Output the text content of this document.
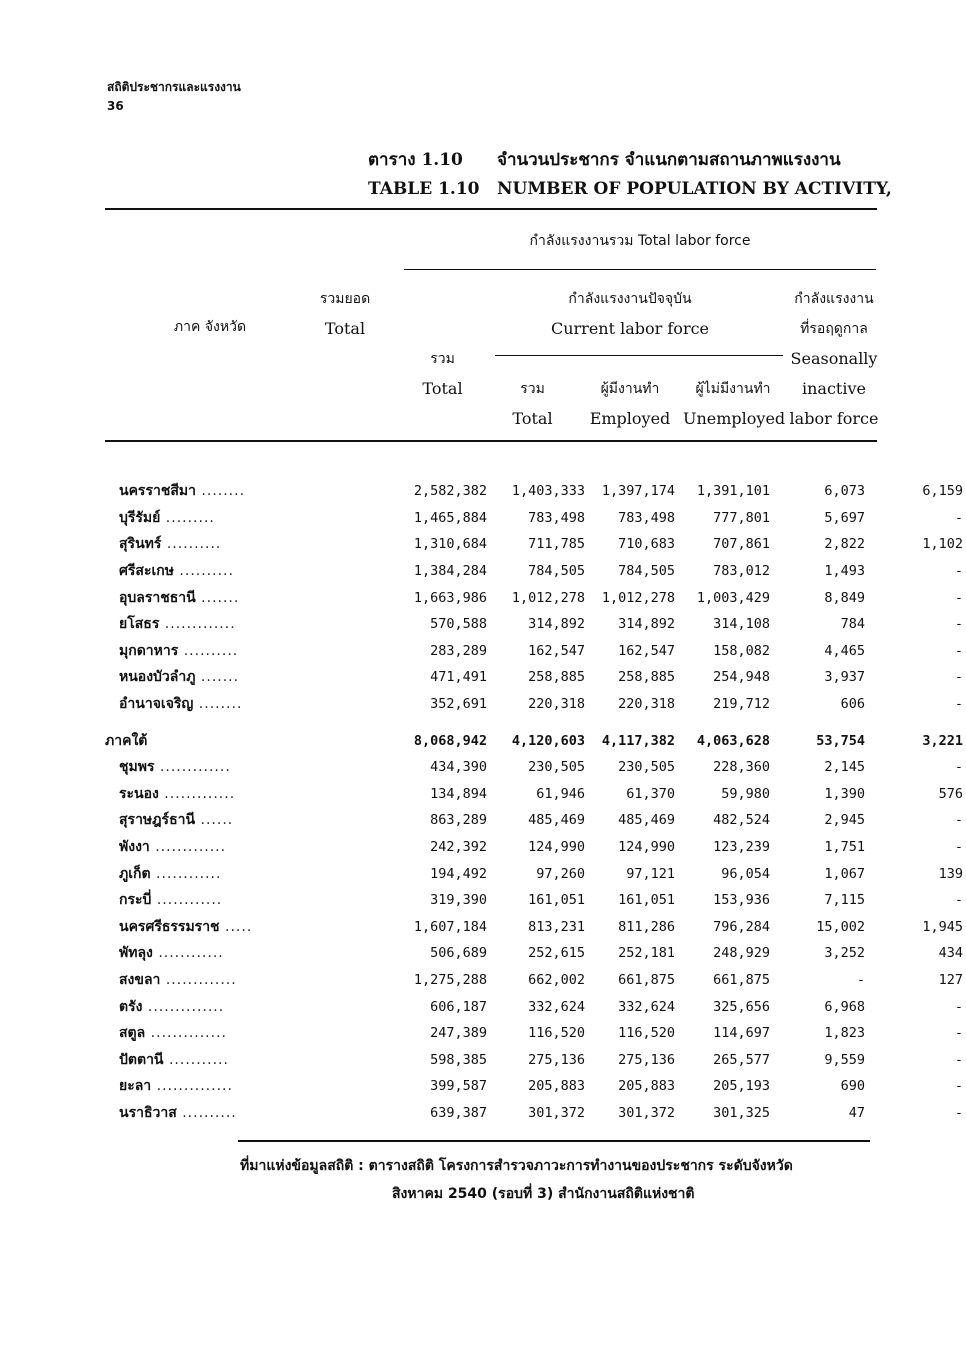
สถิติประชากรและแรงงาน
36
ตาราง 1.10
TABLE 1.10
จำนวนประชากร จำแนกตามสถานภาพแรงงาน
NUMBER OF POPULATION BY ACTIVITY,
กำลังแรงงานรวม Total labor force
ภาค จังหวัด
รวมยอด
Total
รวม
Total
กำลังแรงงานปัจจุบัน
Current labor force
รวม
Total
ผู้มีงานทำ
Employed
ผู้ไม่มีงานทำ
Unemployed
กำลังแรงงาน
ที่รอฤดูกาล
Seasonally
inactive
labor force
นครราชสีมา ........	2,582,382	1,403,333	1,397,174	1,391,101	6,073	6,159
บุรีรัมย์ .........	1,465,884	783,498	783,498	777,801	5,697	-
สุรินทร์ ..........	1,310,684	711,785	710,683	707,861	2,822	1,102
ศรีสะเกษ ..........	1,384,284	784,505	784,505	783,012	1,493	-
อุบลราชธานี .......	1,663,986	1,012,278	1,012,278	1,003,429	8,849	-
ยโสธร .............	570,588	314,892	314,892	314,108	784	-
มุกดาหาร ..........	283,289	162,547	162,547	158,082	4,465	-
หนองบัวลำภู .......	471,491	258,885	258,885	254,948	3,937	-
อำนาจเจริญ ........	352,691	220,318	220,318	219,712	606	-

ภาคใต้	8,068,942	4,120,603	4,117,382	4,063,628	53,754	3,221
ชุมพร .............	434,390	230,505	230,505	228,360	2,145	-
ระนอง .............	134,894	61,946	61,370	59,980	1,390	576
สุราษฎร์ธานี ......	863,289	485,469	485,469	482,524	2,945	-
พังงา .............	242,392	124,990	124,990	123,239	1,751	-
ภูเก็ต ............	194,492	97,260	97,121	96,054	1,067	139
กระบี่ ............	319,390	161,051	161,051	153,936	7,115	-
นครศรีธรรมราช .....	1,607,184	813,231	811,286	796,284	15,002	1,945
พัทลุง ............	506,689	252,615	252,181	248,929	3,252	434
สงขลา .............	1,275,288	662,002	661,875	661,875	-	127
ตรัง ..............	606,187	332,624	332,624	325,656	6,968	-
สตูล ..............	247,389	116,520	116,520	114,697	1,823	-
ปัตตานี ...........	598,385	275,136	275,136	265,577	9,559	-
ยะลา ..............	399,587	205,883	205,883	205,193	690	-
นราธิวาส ..........	639,387	301,372	301,372	301,325	47	-
ที่มาแห่งข้อมูลสถิติ : ตารางสถิติ โครงการสำรวจภาวะการทำงานของประชากร ระดับจังหวัด
สิงหาคม 2540 (รอบที่ 3) สำนักงานสถิติแห่งชาติ
